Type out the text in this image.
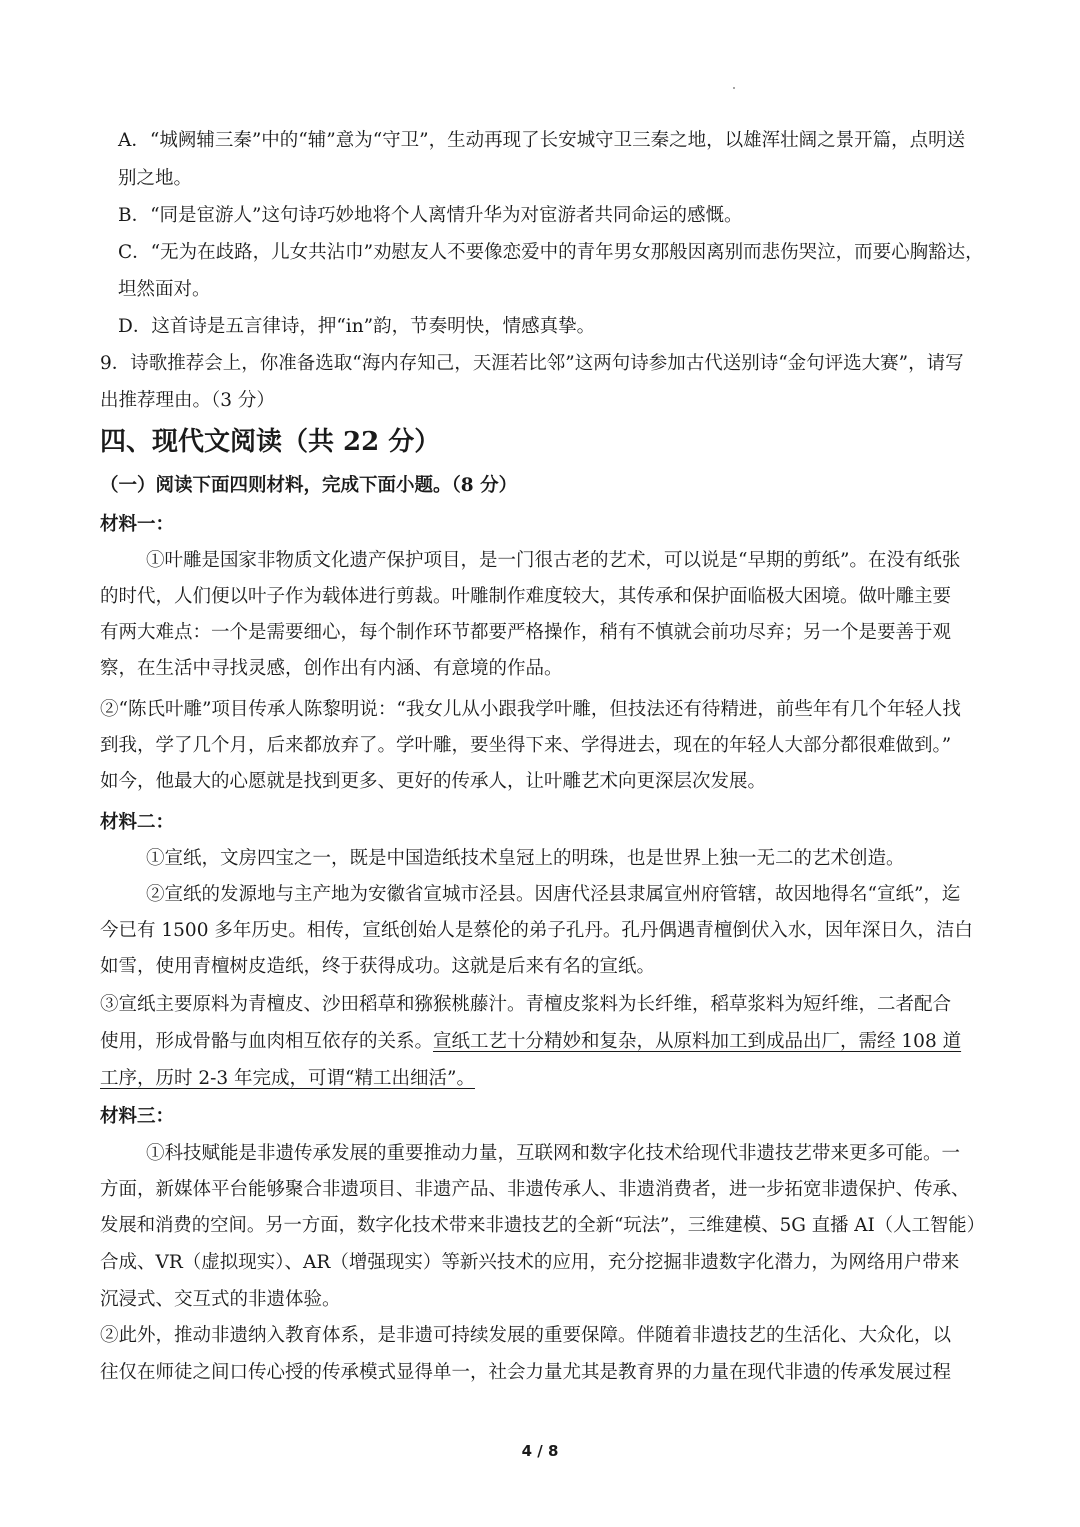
A．“城阙辅三秦”中的“辅”意为“守卫”，生动再现了长安城守卫三秦之地，以雄浑壮阔之景开篇，点明送
别之地。
B．“同是宦游人”这句诗巧妙地将个人离情升华为对宦游者共同命运的感慨。
C．“无为在歧路，儿女共沾巾”劝慰友人不要像恋爱中的青年男女那般因离别而悲伤哭泣，而要心胸豁达，
坦然面对。
D．这首诗是五言律诗，押“in”韵，节奏明快，情感真挚。
9．诗歌推荐会上，你准备选取“海内存知己，天涯若比邻”这两句诗参加古代送别诗“金句评选大赛”，请写
出推荐理由。（3 分）
四、现代文阅读（共 22 分）
（一）阅读下面四则材料，完成下面小题。（8 分）
材料一：
①叶雕是国家非物质文化遗产保护项目，是一门很古老的艺术，可以说是“早期的剪纸”。在没有纸张
的时代，人们便以叶子作为载体进行剪裁。叶雕制作难度较大，其传承和保护面临极大困境。做叶雕主要
有两大难点：一个是需要细心，每个制作环节都要严格操作，稍有不慎就会前功尽弃；另一个是要善于观
察，在生活中寻找灵感，创作出有内涵、有意境的作品。
②“陈氏叶雕”项目传承人陈黎明说：“我女儿从小跟我学叶雕，但技法还有待精进，前些年有几个年轻人找
到我，学了几个月，后来都放弃了。学叶雕，要坐得下来、学得进去，现在的年轻人大部分都很难做到。”
如今，他最大的心愿就是找到更多、更好的传承人，让叶雕艺术向更深层次发展。
材料二：
①宣纸，文房四宝之一，既是中国造纸技术皇冠上的明珠，也是世界上独一无二的艺术创造。
②宣纸的发源地与主产地为安徽省宣城市泾县。因唐代泾县隶属宣州府管辖，故因地得名“宣纸”，迄
今已有 1500 多年历史。相传，宣纸创始人是蔡伦的弟子孔丹。孔丹偶遇青檀倒伏入水，因年深日久，洁白
如雪，使用青檀树皮造纸，终于获得成功。这就是后来有名的宣纸。
③宣纸主要原料为青檀皮、沙田稻草和猕猴桃藤汁。青檀皮浆料为长纤维，稻草浆料为短纤维，二者配合
使用，形成骨骼与血肉相互依存的关系。宣纸工艺十分精妙和复杂，从原料加工到成品出厂，需经 108 道
工序，历时 2-3 年完成，可谓“精工出细活”。
材料三：
①科技赋能是非遗传承发展的重要推动力量，互联网和数字化技术给现代非遗技艺带来更多可能。一
方面，新媒体平台能够聚合非遗项目、非遗产品、非遗传承人、非遗消费者，进一步拓宽非遗保护、传承、
发展和消费的空间。另一方面，数字化技术带来非遗技艺的全新“玩法”，三维建模、5G 直播 AI（人工智能）
合成、VR（虚拟现实）、AR（增强现实）等新兴技术的应用，充分挖掘非遗数字化潜力，为网络用户带来
沉浸式、交互式的非遗体验。
②此外，推动非遗纳入教育体系，是非遗可持续发展的重要保障。伴随着非遗技艺的生活化、大众化，以
往仅在师徒之间口传心授的传承模式显得单一，社会力量尤其是教育界的力量在现代非遗的传承发展过程
4 / 8
